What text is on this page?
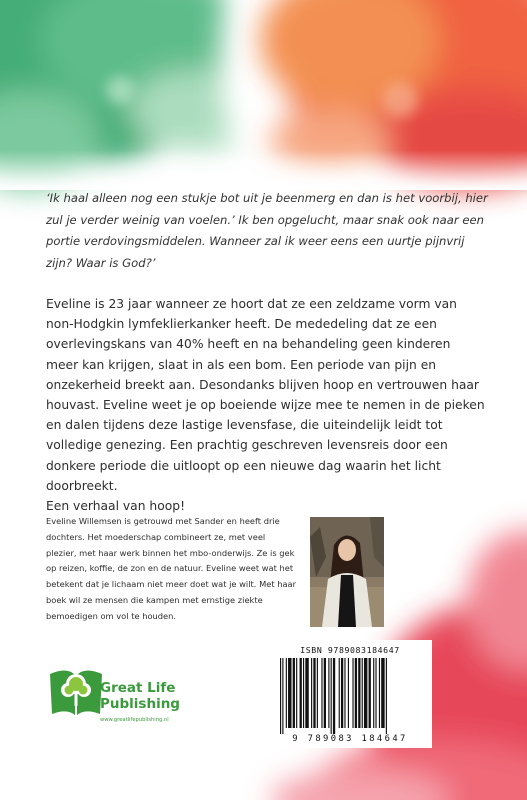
‘Ik haal alleen nog een stukje bot uit je beenmerg en dan is het voorbij, hier zul je verder weinig van voelen.’ Ik ben opgelucht, maar snak ook naar een portie verdovingsmiddelen. Wanneer zal ik weer eens een uurtje pijnvrij zijn? Waar is God?’

Eveline is 23 jaar wanneer ze hoort dat ze een zeldzame vorm van non-Hodgkin lymfeklierkanker heeft. De mededeling dat ze een overlevingskans van 40% heeft en na behandeling geen kinderen meer kan krijgen, slaat in als een bom. Een periode van pijn en onzekerheid breekt aan. Desondanks blijven hoop en vertrouwen haar houvast. Eveline weet je op boeiende wijze mee te nemen in de pieken en dalen tijdens deze lastige levensfase, die uiteindelijk leidt tot volledige genezing. Een prachtig geschreven levensreis door een donkere periode die uitloopt op een nieuwe dag waarin het licht doorbreekt.
Een verhaal van hoop!

Eveline Willemsen is getrouwd met Sander en heeft drie dochters. Het moederschap combineert ze, met veel plezier, met haar werk binnen het mbo-onderwijs. Ze is gek op reizen, koffie, de zon en de natuur. Eveline weet wat het betekent dat je lichaam niet meer doet wat je wilt. Met haar boek wil ze mensen die kampen met ernstige ziekte bemoedigen om vol te houden.

ISBN 9789083184647
9 789083 184647

Great Life
Publishing

www.greatlifepublishing.nl
